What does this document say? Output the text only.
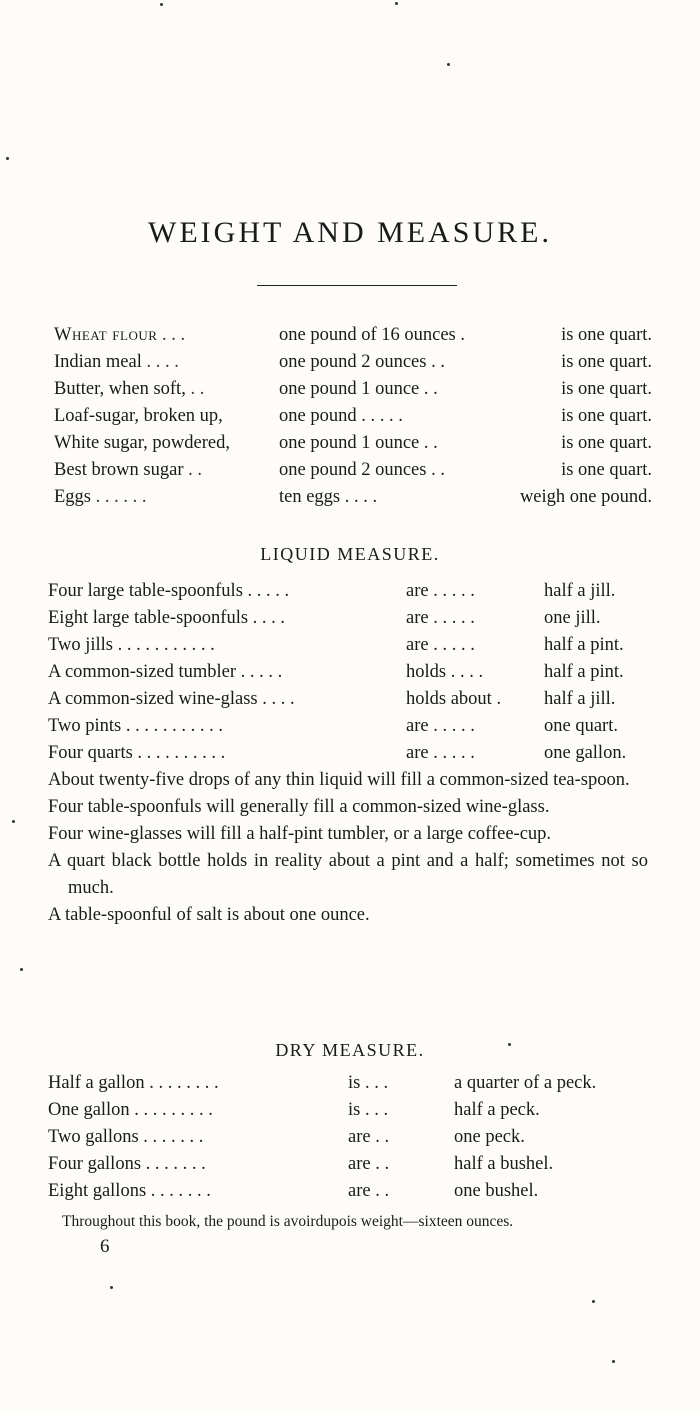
WEIGHT AND MEASURE.
Wheat flour . . .	one pound of 16 ounces .	is one quart.
Indian meal . . . .	one pound 2 ounces . .	is one quart.
Butter, when soft, . .	one pound 1 ounce . .	is one quart.
Loaf-sugar, broken up,	one pound . . . . .	is one quart.
White sugar, powdered,	one pound 1 ounce . .	is one quart.
Best brown sugar . .	one pound 2 ounces . .	is one quart.
Eggs . . . . . .	ten eggs . . . .	weigh one pound.
LIQUID MEASURE.
Four large table-spoonfuls . . . . .	are . . . . .	half a jill.
Eight large table-spoonfuls . . . .	are . . . . .	one jill.
Two jills . . . . . . . . . . .	are . . . . .	half a pint.
A common-sized tumbler . . . . .	holds . . . .	half a pint.
A common-sized wine-glass . . . .	holds about . half a jill.
Two pints . . . . . . . . . . .	are . . . . .	one quart.
Four quarts . . . . . . . . . .	are . . . . .	one gallon.
About twenty-five drops of any thin liquid will fill a common-sized tea-spoon.
Four table-spoonfuls will generally fill a common-sized wine-glass.
Four wine-glasses will fill a half-pint tumbler, or a large coffee-cup.
A quart black bottle holds in reality about a pint and a half; sometimes not so much.
A table-spoonful of salt is about one ounce.
DRY MEASURE.
Half a gallon . . . . . . . .	is . . .	a quarter of a peck.
One gallon . . . . . . . . .	is . . .	half a peck.
Two gallons . . . . . . .	are . .	one peck.
Four gallons . . . . . . .	are . .	half a bushel.
Eight gallons . . . . . . .	are . .	one bushel.
Throughout this book, the pound is avoirdupois weight—sixteen ounces.
6
